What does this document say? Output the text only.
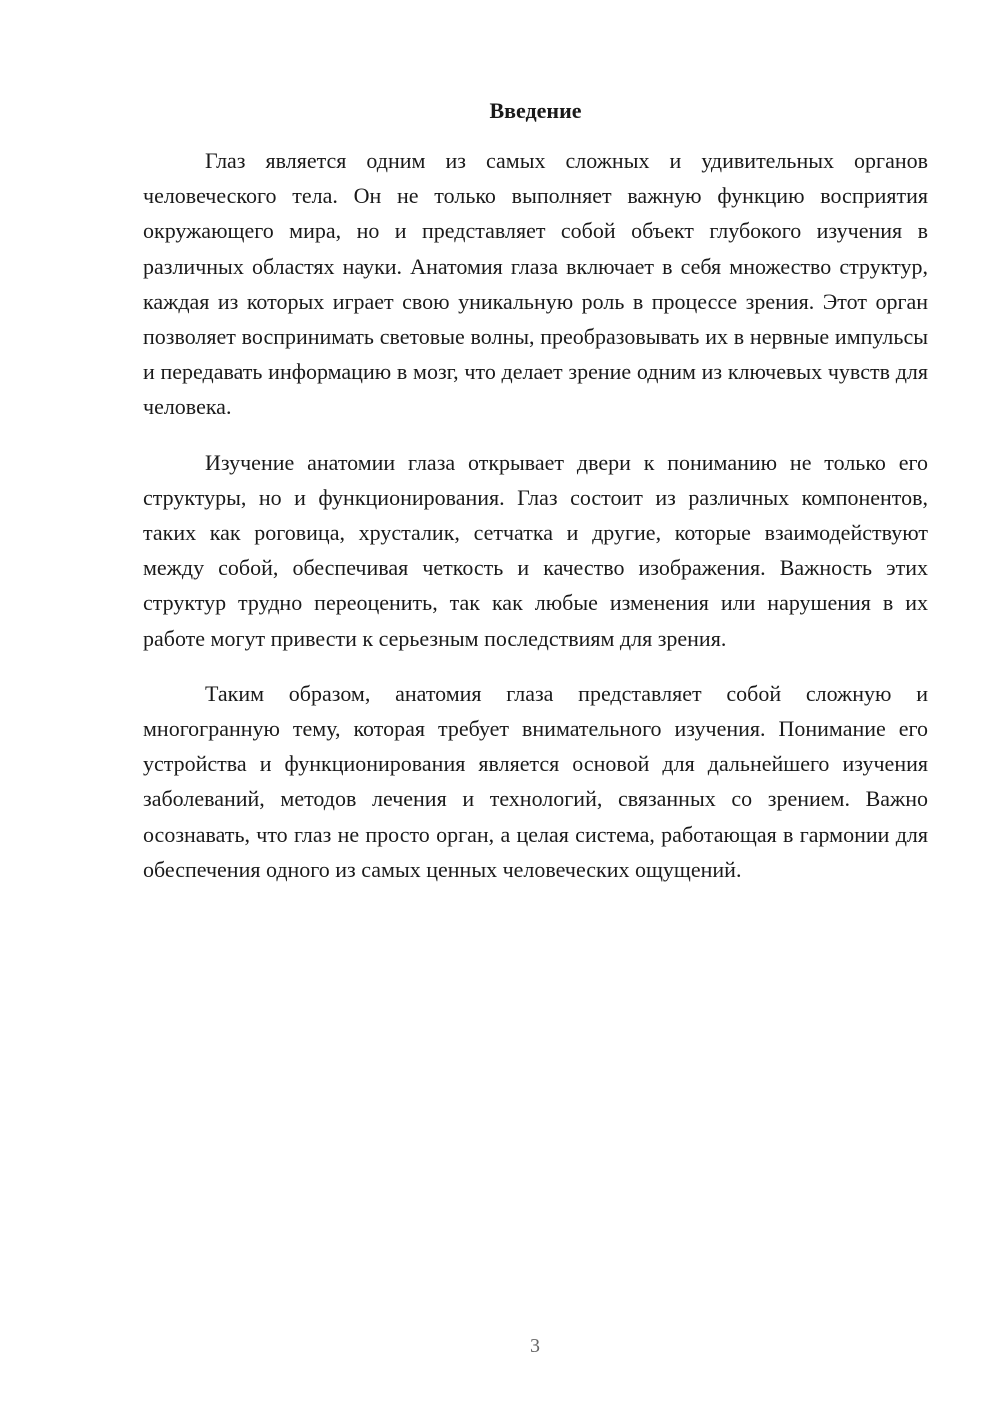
Введение

Глаз является одним из самых сложных и удивительных органов человеческого тела. Он не только выполняет важную функцию восприятия окружающего мира, но и представляет собой объект глубокого изучения в различных областях науки. Анатомия глаза включает в себя множество структур, каждая из которых играет свою уникальную роль в процессе зрения. Этот орган позволяет воспринимать световые волны, преобразовывать их в нервные импульсы и передавать информацию в мозг, что делает зрение одним из ключевых чувств для человека.

Изучение анатомии глаза открывает двери к пониманию не только его структуры, но и функционирования. Глаз состоит из различных компонентов, таких как роговица, хрусталик, сетчатка и другие, которые взаимодействуют между собой, обеспечивая четкость и качество изображения. Важность этих структур трудно переоценить, так как любые изменения или нарушения в их работе могут привести к серьезным последствиям для зрения.

Таким образом, анатомия глаза представляет собой сложную и многогранную тему, которая требует внимательного изучения. Понимание его устройства и функционирования является основой для дальнейшего изучения заболеваний, методов лечения и технологий, связанных со зрением. Важно осознавать, что глаз не просто орган, а целая система, работающая в гармонии для обеспечения одного из самых ценных человеческих ощущений.

3
